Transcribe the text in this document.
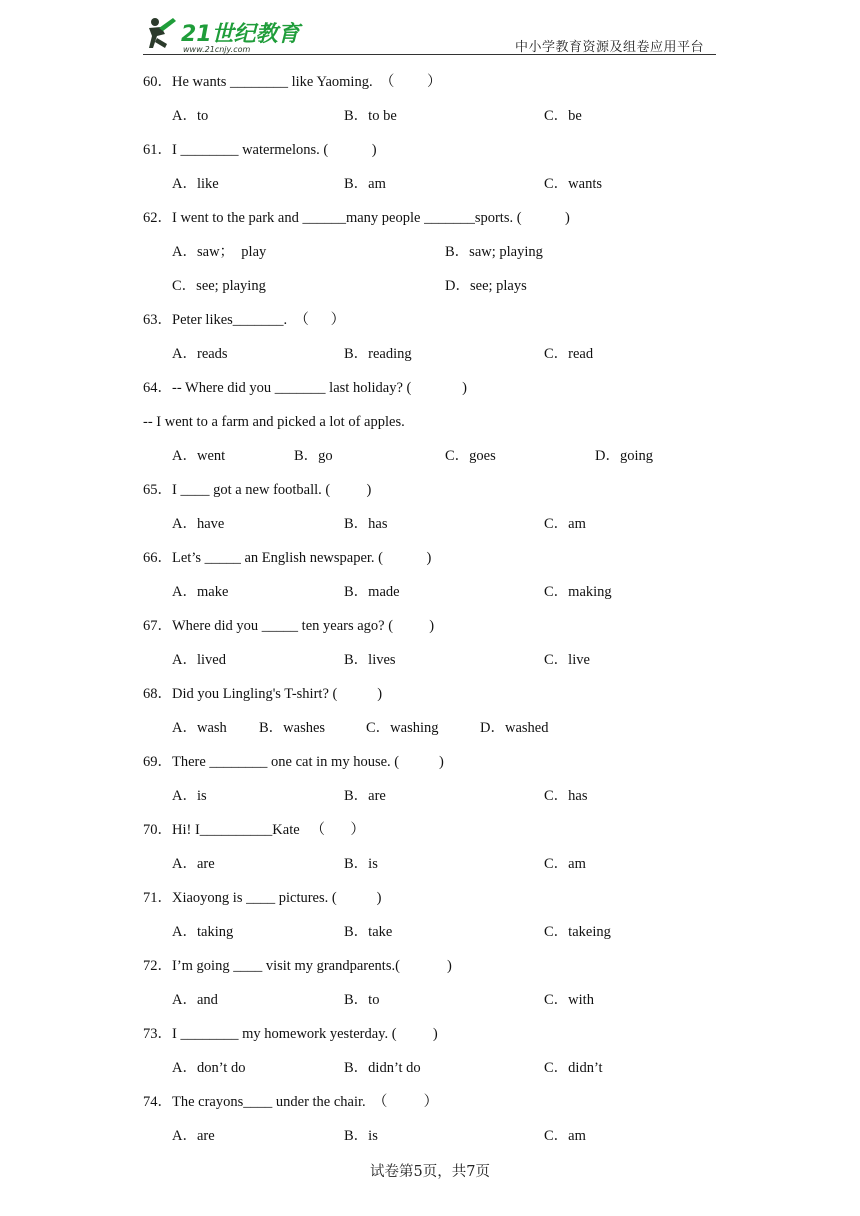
21世纪教育
www.21cnjy.com	中小学教育资源及组卷应用平台
60．He wants ________ like Yaoming.  （         ）
A．to	B．to be	C．be
61．I ________ watermelons. (            )
A．like	B．am	C．wants
62．I went to the park and ______many people _______sports. (            )
A．saw；  play	B．saw; playing
C．see; playing	D．see; plays
63．Peter likes_______.  （      ）
A．reads	B．reading	C．read
64．-- Where did you _______ last holiday? (              )
-- I went to a farm and picked a lot of apples.
A．went	B．go	C．goes	D．going
65．I ____ got a new football. (          )
A．have	B．has	C．am
66．Let’s _____ an English newspaper. (            )
A．make	B．made	C．making
67．Where did you _____ ten years ago? (          )
A．lived	B．lives	C．live
68．Did you Lingling's T-shirt? (           )
A．wash B．washes	C．washing	D．washed
69．There ________ one cat in my house. (           )
A．is	B．are	C．has
70．Hi! I__________Kate   （       ）
A．are	B．is	C．am
71．Xiaoyong is ____ pictures. (           )
A．taking	B．take	C．takeing
72．I’m going ____ visit my grandparents.(             )
A．and	B．to	C．with
73．I ________ my homework yesterday. (          )
A．don’t do	B．didn’t do	C．didn’t
74．The crayons____ under the chair.  （          ）
A．are	B．is	C．am
试卷第5页，共7页
